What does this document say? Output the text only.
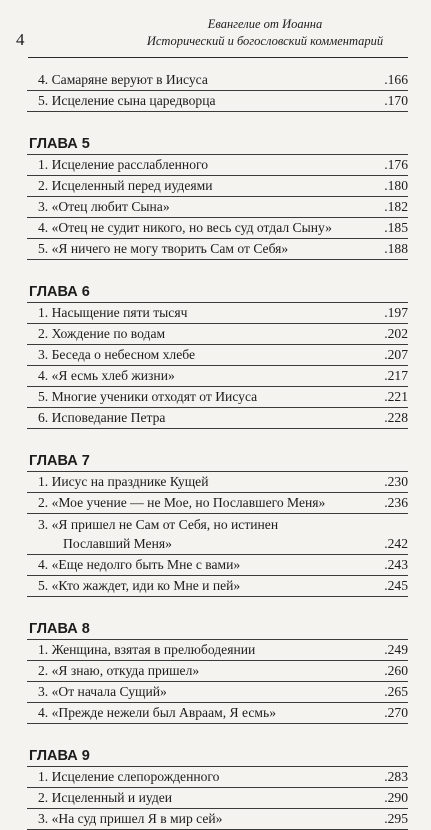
4
Евангелие от Иоанна
Исторический и богословский комментарий
4. Самаряне веруют в Иисуса	.166
5. Исцеление сына царедворца	.170
ГЛАВА 5
1. Исцеление расслабленного	.176
2. Исцеленный перед иудеями	.180
3. «Отец любит Сына»	.182
4. «Отец не судит никого, но весь суд отдал Сыну»	.185
5. «Я ничего не могу творить Сам от Себя»	.188
ГЛАВА 6
1. Насыщение пяти тысяч	.197
2. Хождение по водам	.202
3. Беседа о небесном хлебе	.207
4. «Я есмь хлеб жизни»	.217
5. Многие ученики отходят от Иисуса	.221
6. Исповедание Петра	.228
ГЛАВА 7
1. Иисус на празднике Кущей	.230
2. «Мое учение — не Мое, но Пославшего Меня»	.236
3. «Я пришел не Сам от Себя, но истинен
Пославший Меня»	.242
4. «Еще недолго быть Мне с вами»	.243
5. «Кто жаждет, иди ко Мне и пей»	.245
ГЛАВА 8
1. Женщина, взятая в прелюбодеянии	.249
2. «Я знаю, откуда пришел»	.260
3. «От начала Сущий»	.265
4. «Прежде нежели был Авраам, Я есмь»	.270
ГЛАВА 9
1. Исцеление слепорожденного	.283
2. Исцеленный и иудеи	.290
3. «На суд пришел Я в мир сей»	.295
